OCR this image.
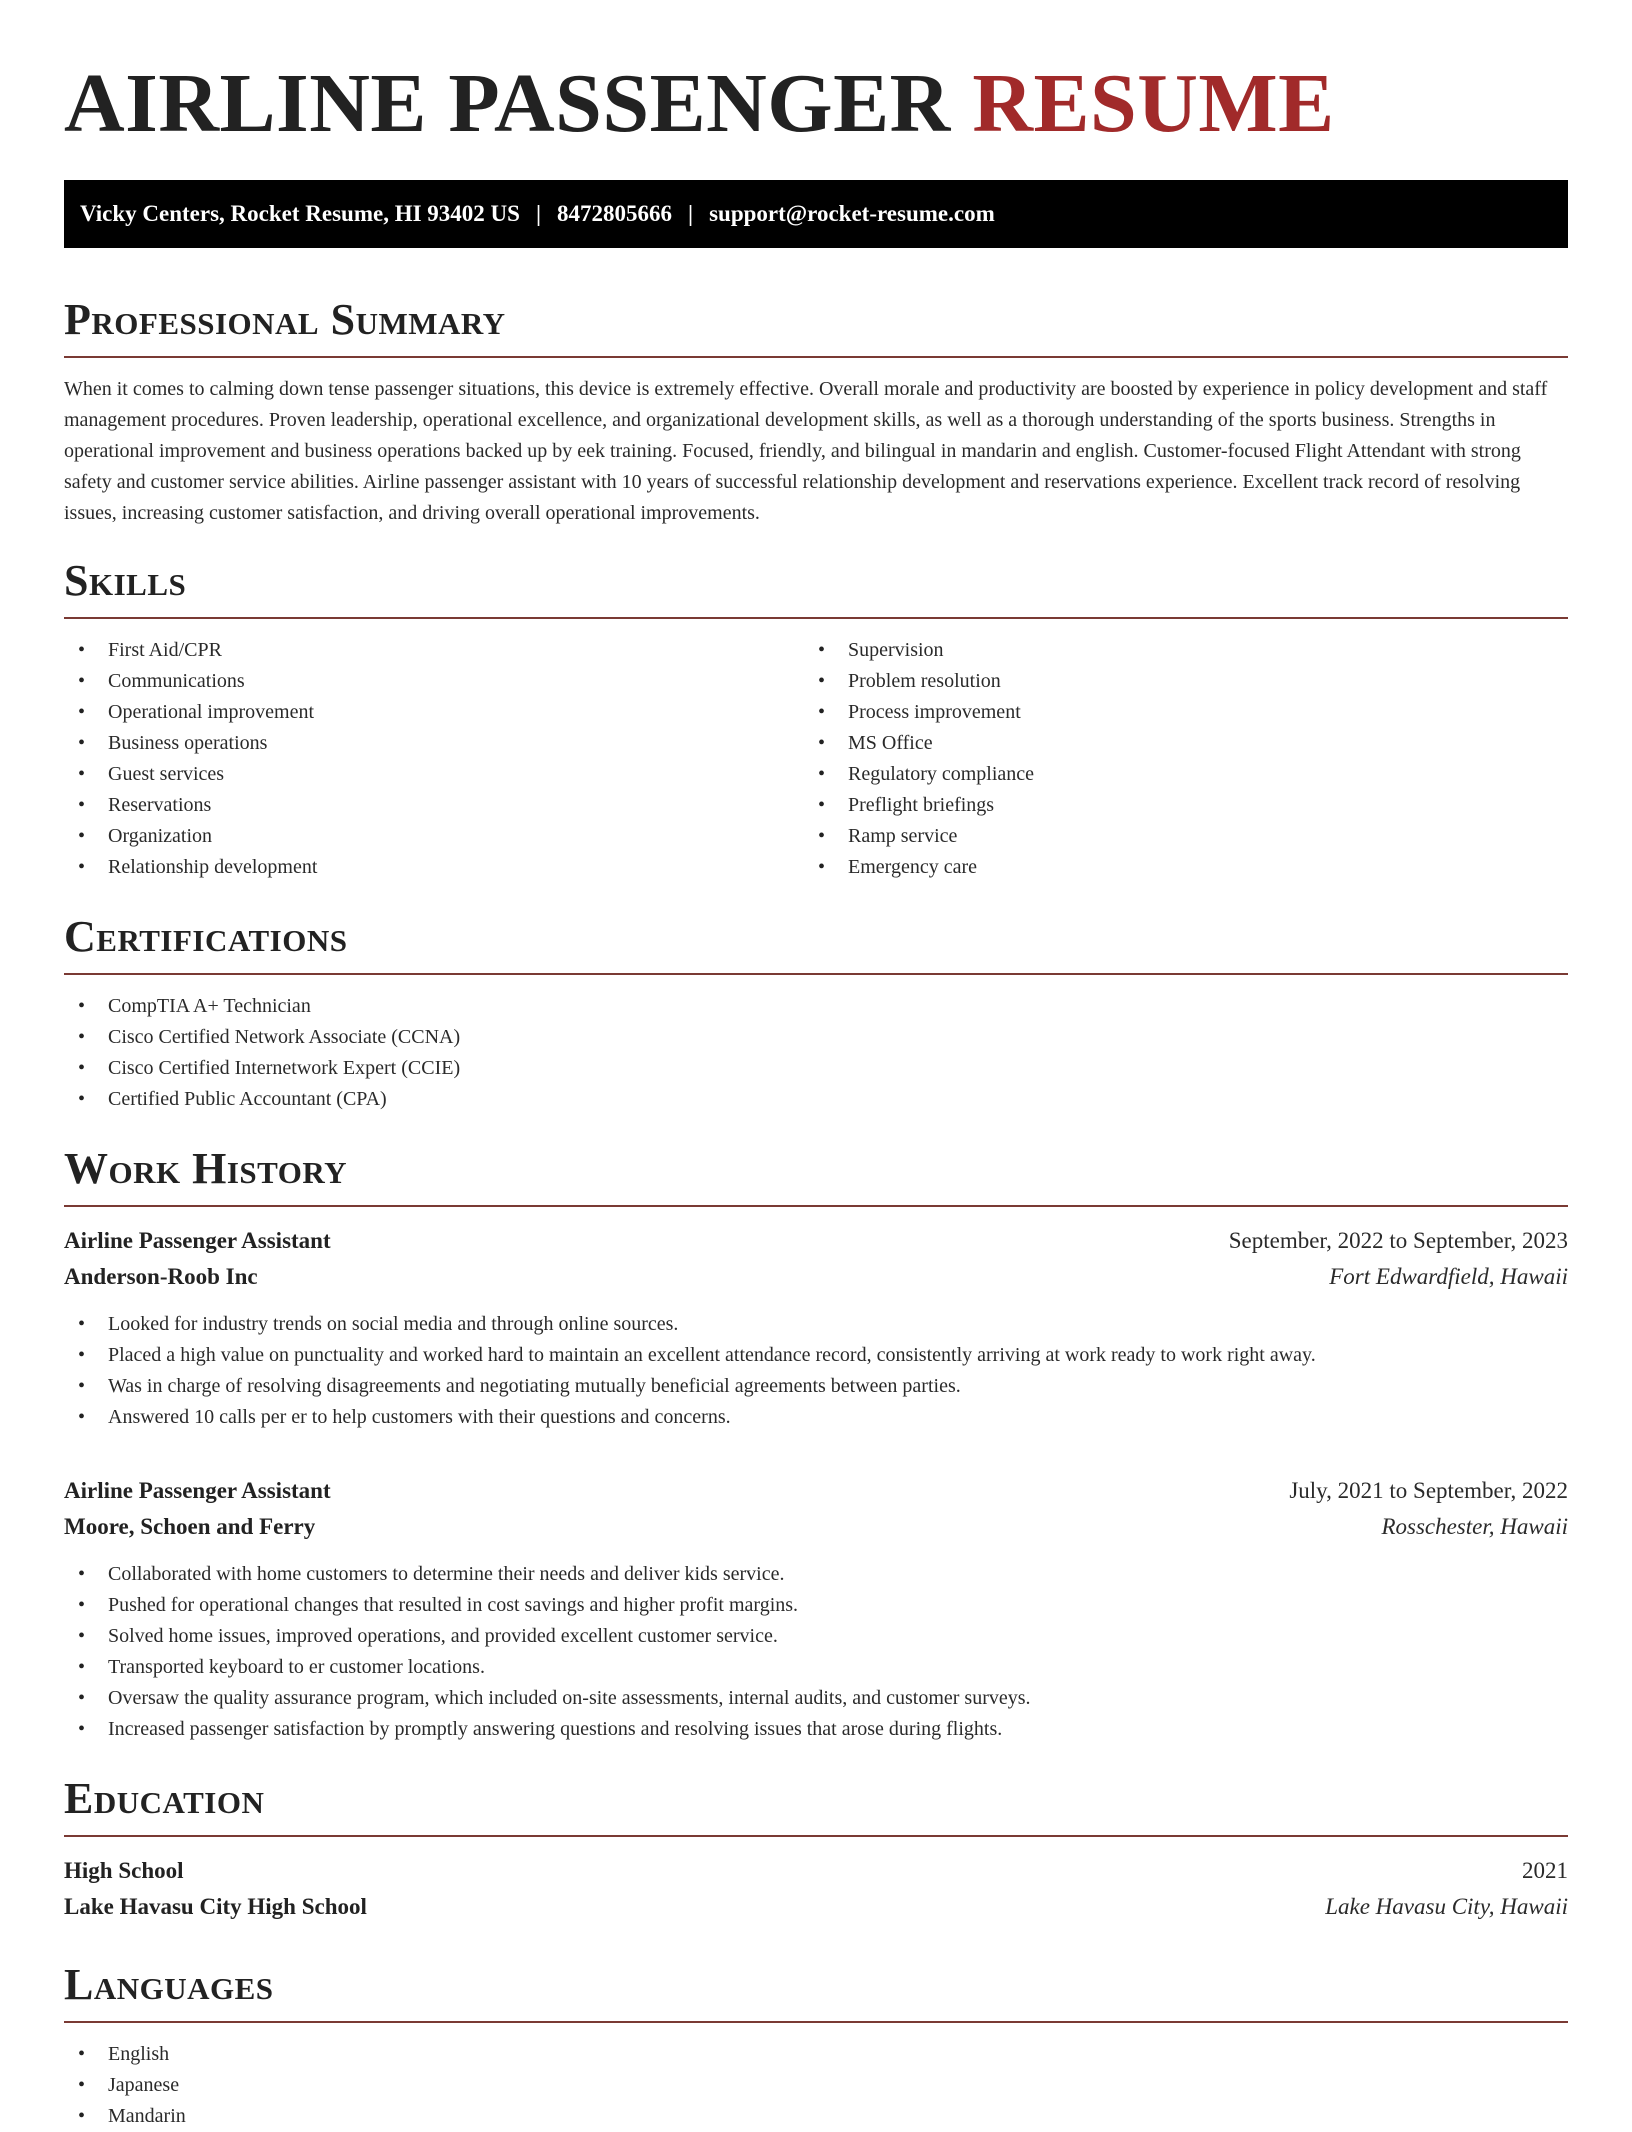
AIRLINE PASSENGER RESUME
Vicky Centers, Rocket Resume, HI 93402 US | 8472805666 | support@rocket-resume.com
Professional Summary

When it comes to calming down tense passenger situations, this device is extremely effective. Overall morale and productivity are boosted by experience in policy development and staff management procedures. Proven leadership, operational excellence, and organizational development skills, as well as a thorough understanding of the sports business. Strengths in operational improvement and business operations backed up by eek training. Focused, friendly, and bilingual in mandarin and english. Customer-focused Flight Attendant with strong safety and customer service abilities. Airline passenger assistant with 10 years of successful relationship development and reservations experience. Excellent track record of resolving issues, increasing customer satisfaction, and driving overall operational improvements.

Skills
• First Aid/CPR
• Communications
• Operational improvement
• Business operations
• Guest services
• Reservations
• Organization
• Relationship development
• Supervision
• Problem resolution
• Process improvement
• MS Office
• Regulatory compliance
• Preflight briefings
• Ramp service
• Emergency care
Certifications
• CompTIA A+ Technician
• Cisco Certified Network Associate (CCNA)
• Cisco Certified Internetwork Expert (CCIE)
• Certified Public Accountant (CPA)
Work History
Airline Passenger Assistant	September, 2022 to September, 2023
Anderson-Roob Inc	Fort Edwardfield, Hawaii
• Looked for industry trends on social media and through online sources.
• Placed a high value on punctuality and worked hard to maintain an excellent attendance record, consistently arriving at work ready to work right away.
• Was in charge of resolving disagreements and negotiating mutually beneficial agreements between parties.
• Answered 10 calls per er to help customers with their questions and concerns.
Airline Passenger Assistant	July, 2021 to September, 2022
Moore, Schoen and Ferry	Rosschester, Hawaii
• Collaborated with home customers to determine their needs and deliver kids service.
• Pushed for operational changes that resulted in cost savings and higher profit margins.
• Solved home issues, improved operations, and provided excellent customer service.
• Transported keyboard to er customer locations.
• Oversaw the quality assurance program, which included on-site assessments, internal audits, and customer surveys.
• Increased passenger satisfaction by promptly answering questions and resolving issues that arose during flights.
Education
High School	2021
Lake Havasu City High School	Lake Havasu City, Hawaii
Languages
• English
• Japanese
• Mandarin
